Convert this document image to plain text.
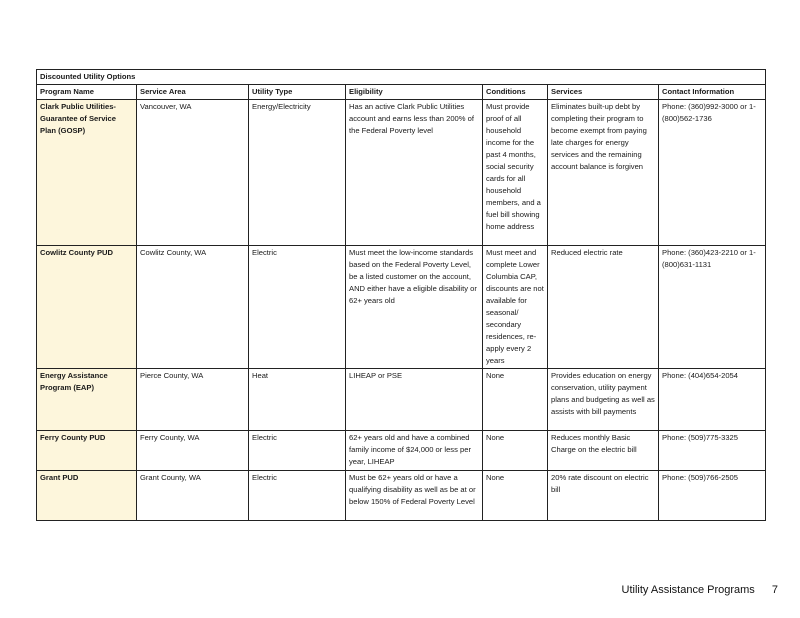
Discounted Utility Options						
Program Name	Service Area	Utility Type	Eligibility	Conditions	Services	Contact Information
Clark Public Utilities-Guarantee of Service Plan (GOSP)	Vancouver, WA	Energy/Electricity	Has an active Clark Public Utilities account and earns less than 200% of the Federal Poverty level	Must provide proof of all household income for the past 4 months, social security cards for all household members, and a fuel bill showing home address	Eliminates built-up debt by completing their program to become exempt from paying late charges for energy services and the remaining account balance is forgiven	Phone: (360)992-3000 or 1-(800)562-1736
Cowlitz County PUD	Cowlitz County, WA	Electric	Must meet the low-income standards based on the Federal Poverty Level, be a listed customer on the account, AND either have a eligible disability or 62+ years old	Must meet and complete Lower Columbia CAP, discounts are not available for seasonal/ secondary residences, re-apply every 2 years	Reduced electric rate	Phone: (360)423-2210 or 1-(800)631-1131
Energy Assistance Program (EAP)	Pierce County, WA	Heat	LIHEAP or PSE	None	Provides education on energy conservation, utility payment plans and budgeting as well as assists with bill payments	Phone: (404)654-2054
Ferry County PUD	Ferry County, WA	Electric	62+ years old and have a combined family income of $24,000 or less per year, LIHEAP	None	Reduces monthly Basic Charge on the electric bill	Phone: (509)775-3325
Grant PUD	Grant County, WA	Electric	Must be 62+ years old or have a qualifying disability as well as be at or below 150% of Federal Poverty Level	None	20% rate discount on electric bill	Phone: (509)766-2505
Utility Assistance Programs 7
